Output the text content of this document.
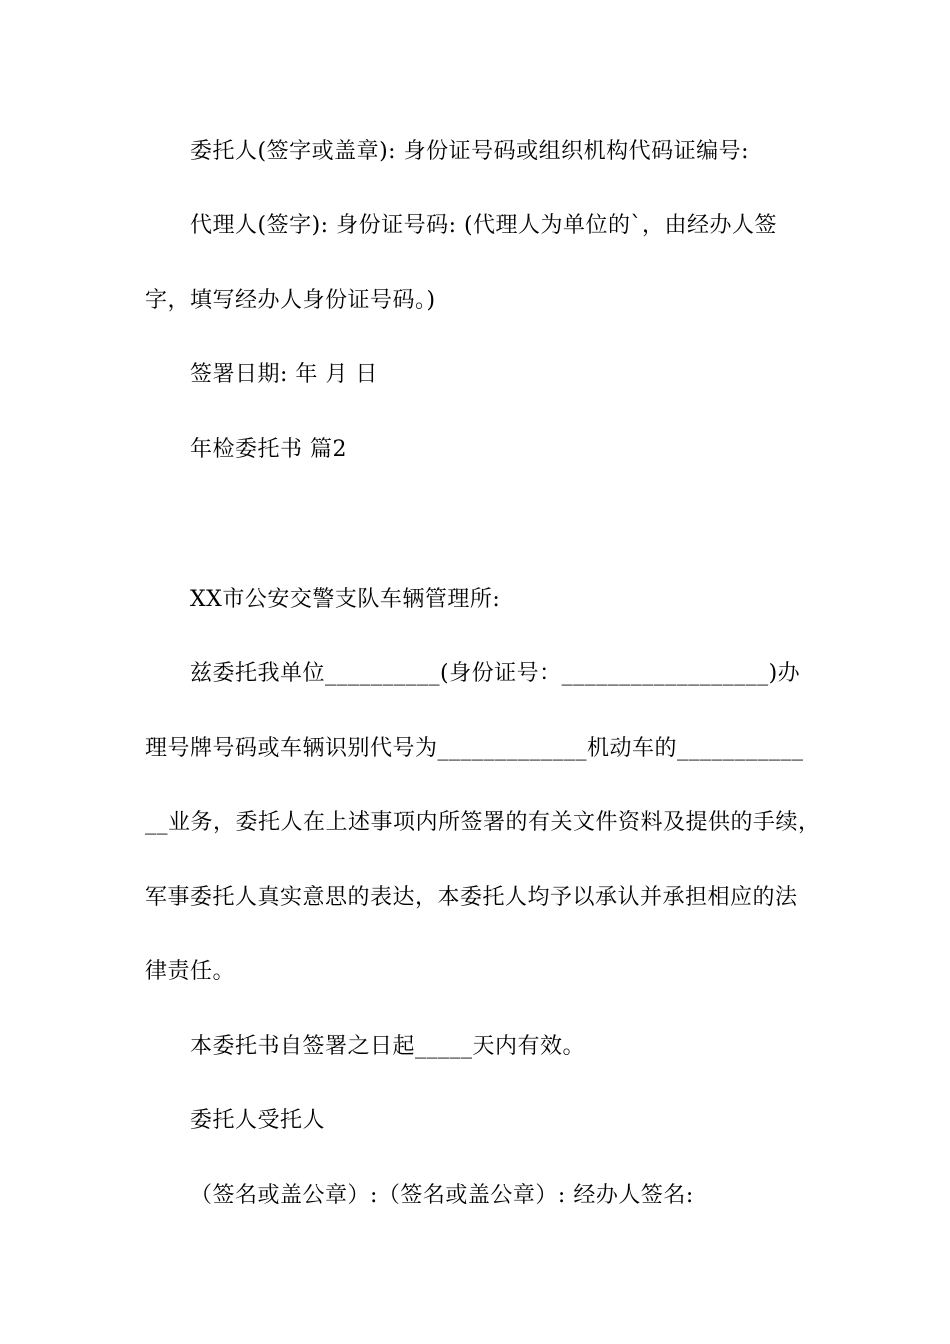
委托人(签字或盖章): 身份证号码或组织机构代码证编号:
代理人(签字): 身份证号码: (代理人为单位的`，由经办人签
字，填写经办人身份证号码。)
签署日期: 年 月 日
年检委托书 篇2
XX市公安交警支队车辆管理所:
兹委托我单位__________(身份证号：__________________)办
理号牌号码或车辆识别代号为_____________机动车的___________
__业务，委托人在上述事项内所签署的有关文件资料及提供的手续，
军事委托人真实意思的表达，本委托人均予以承认并承担相应的法
律责任。
本委托书自签署之日起_____天内有效。
委托人受托人
（签名或盖公章）:（签名或盖公章）: 经办人签名:
